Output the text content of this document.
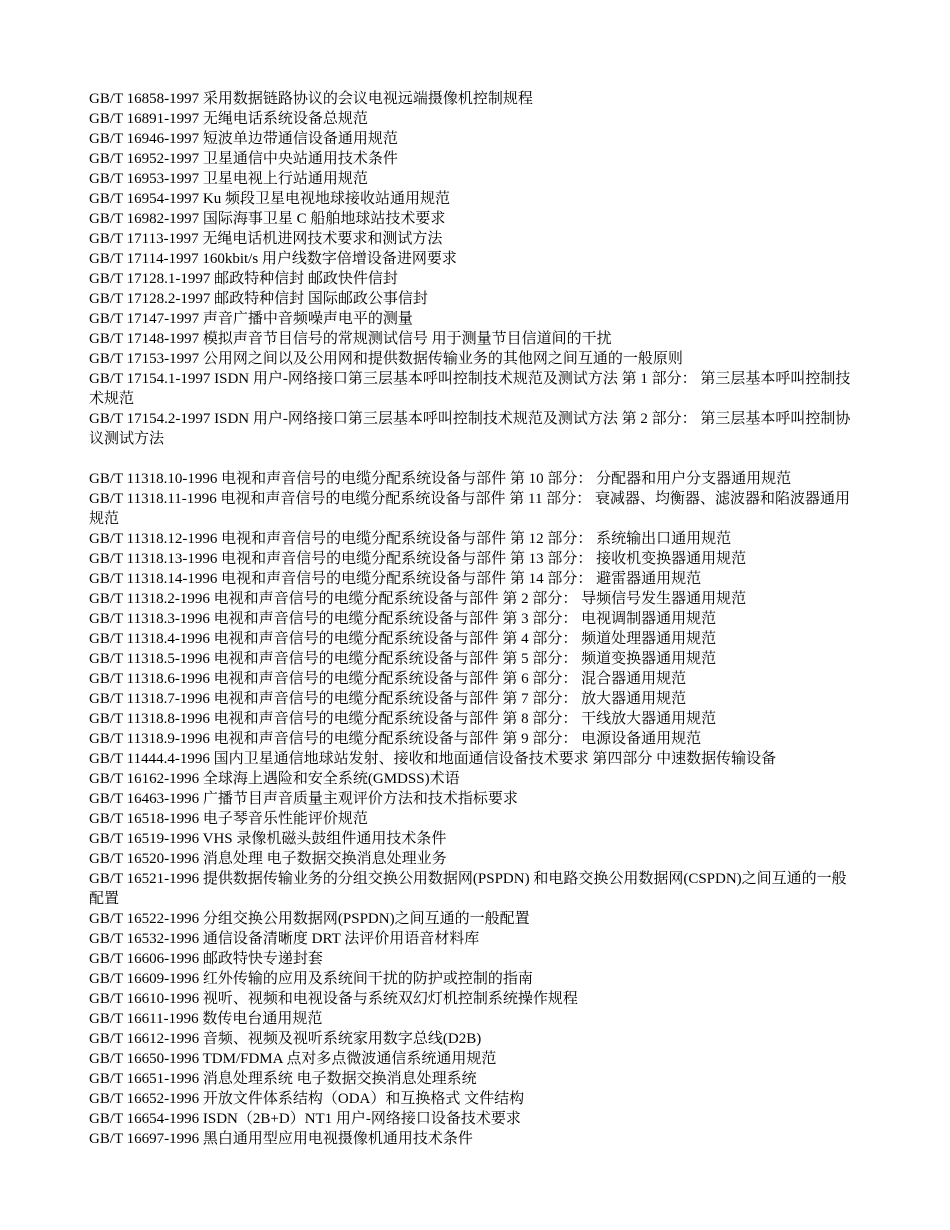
GB/T 16858-1997 采用数据链路协议的会议电视远端摄像机控制规程
GB/T 16891-1997 无绳电话系统设备总规范
GB/T 16946-1997 短波单边带通信设备通用规范
GB/T 16952-1997 卫星通信中央站通用技术条件
GB/T 16953-1997 卫星电视上行站通用规范
GB/T 16954-1997 Ku 频段卫星电视地球接收站通用规范
GB/T 16982-1997 国际海事卫星 C 船舶地球站技术要求
GB/T 17113-1997 无绳电话机进网技术要求和测试方法
GB/T 17114-1997 160kbit/s 用户线数字倍增设备进网要求
GB/T 17128.1-1997 邮政特种信封 邮政快件信封
GB/T 17128.2-1997 邮政特种信封 国际邮政公事信封
GB/T 17147-1997 声音广播中音频噪声电平的测量
GB/T 17148-1997 模拟声音节目信号的常规测试信号 用于测量节目信道间的干扰
GB/T 17153-1997 公用网之间以及公用网和提供数据传输业务的其他网之间互通的一般原则
GB/T 17154.1-1997 ISDN 用户-网络接口第三层基本呼叫控制技术规范及测试方法 第 1 部分： 第三层基本呼叫控制技术规范
GB/T 17154.2-1997 ISDN 用户-网络接口第三层基本呼叫控制技术规范及测试方法 第 2 部分： 第三层基本呼叫控制协议测试方法
GB/T 11318.10-1996 电视和声音信号的电缆分配系统设备与部件 第 10 部分： 分配器和用户分支器通用规范
GB/T 11318.11-1996 电视和声音信号的电缆分配系统设备与部件 第 11 部分： 衰减器、均衡器、滤波器和陷波器通用规范
GB/T 11318.12-1996 电视和声音信号的电缆分配系统设备与部件 第 12 部分： 系统输出口通用规范
GB/T 11318.13-1996 电视和声音信号的电缆分配系统设备与部件 第 13 部分： 接收机变换器通用规范
GB/T 11318.14-1996 电视和声音信号的电缆分配系统设备与部件 第 14 部分： 避雷器通用规范
GB/T 11318.2-1996 电视和声音信号的电缆分配系统设备与部件 第 2 部分： 导频信号发生器通用规范
GB/T 11318.3-1996 电视和声音信号的电缆分配系统设备与部件 第 3 部分： 电视调制器通用规范
GB/T 11318.4-1996 电视和声音信号的电缆分配系统设备与部件 第 4 部分： 频道处理器通用规范
GB/T 11318.5-1996 电视和声音信号的电缆分配系统设备与部件 第 5 部分： 频道变换器通用规范
GB/T 11318.6-1996 电视和声音信号的电缆分配系统设备与部件 第 6 部分： 混合器通用规范
GB/T 11318.7-1996 电视和声音信号的电缆分配系统设备与部件 第 7 部分： 放大器通用规范
GB/T 11318.8-1996 电视和声音信号的电缆分配系统设备与部件 第 8 部分： 干线放大器通用规范
GB/T 11318.9-1996 电视和声音信号的电缆分配系统设备与部件 第 9 部分： 电源设备通用规范
GB/T 11444.4-1996 国内卫星通信地球站发射、接收和地面通信设备技术要求 第四部分 中速数据传输设备
GB/T 16162-1996 全球海上遇险和安全系统(GMDSS)术语
GB/T 16463-1996 广播节目声音质量主观评价方法和技术指标要求
GB/T 16518-1996 电子琴音乐性能评价规范
GB/T 16519-1996 VHS 录像机磁头鼓组件通用技术条件
GB/T 16520-1996 消息处理 电子数据交换消息处理业务
GB/T 16521-1996 提供数据传输业务的分组交换公用数据网(PSPDN) 和电路交换公用数据网(CSPDN)之间互通的一般配置
GB/T 16522-1996 分组交换公用数据网(PSPDN)之间互通的一般配置
GB/T 16532-1996 通信设备清晰度 DRT 法评价用语音材料库
GB/T 16606-1996 邮政特快专递封套
GB/T 16609-1996 红外传输的应用及系统间干扰的防护或控制的指南
GB/T 16610-1996 视听、视频和电视设备与系统双幻灯机控制系统操作规程
GB/T 16611-1996 数传电台通用规范
GB/T 16612-1996 音频、视频及视听系统家用数字总线(D2B)
GB/T 16650-1996 TDM/FDMA 点对多点微波通信系统通用规范
GB/T 16651-1996 消息处理系统 电子数据交换消息处理系统
GB/T 16652-1996 开放文件体系结构（ODA）和互换格式 文件结构
GB/T 16654-1996 ISDN（2B+D）NT1 用户-网络接口设备技术要求
GB/T 16697-1996 黑白通用型应用电视摄像机通用技术条件
